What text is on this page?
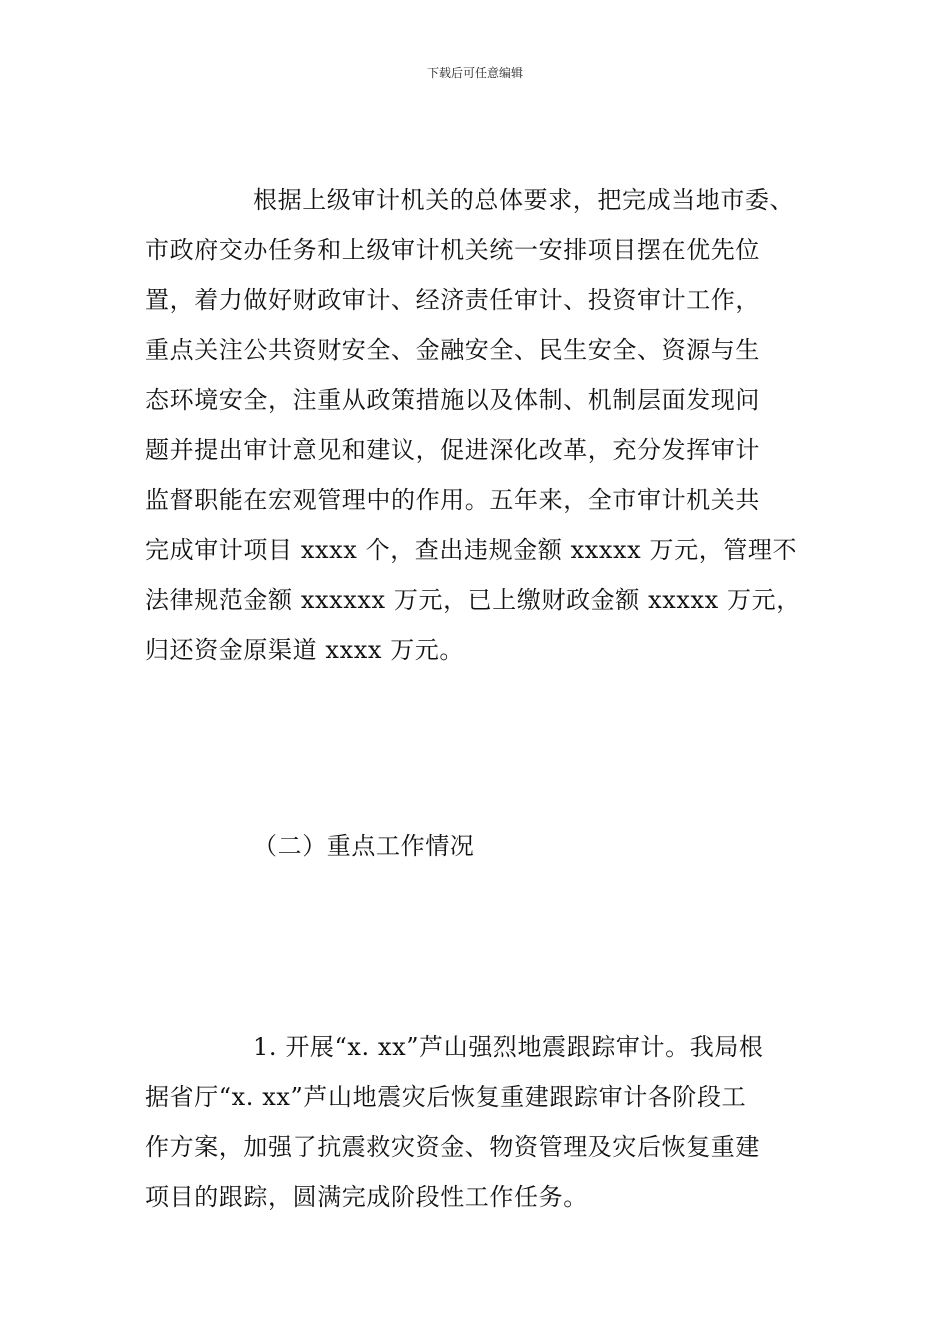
下载后可任意编辑

根据上级审计机关的总体要求，把完成当地市委、
市政府交办任务和上级审计机关统一安排项目摆在优先位
置，着力做好财政审计、经济责任审计、投资审计工作，
重点关注公共资财安全、金融安全、民生安全、资源与生
态环境安全，注重从政策措施以及体制、机制层面发现问
题并提出审计意见和建议，促进深化改革，充分发挥审计
监督职能在宏观管理中的作用。五年来，全市审计机关共
完成审计项目 xxxx 个，查出违规金额 xxxxx 万元，管理不
法律规范金额 xxxxxx 万元，已上缴财政金额 xxxxx 万元，
归还资金原渠道 xxxx 万元。

（二）重点工作情况

1. 开展“x. xx”芦山强烈地震跟踪审计。我局根
据省厅“x. xx”芦山地震灾后恢复重建跟踪审计各阶段工
作方案，加强了抗震救灾资金、物资管理及灾后恢复重建
项目的跟踪，圆满完成阶段性工作任务。
